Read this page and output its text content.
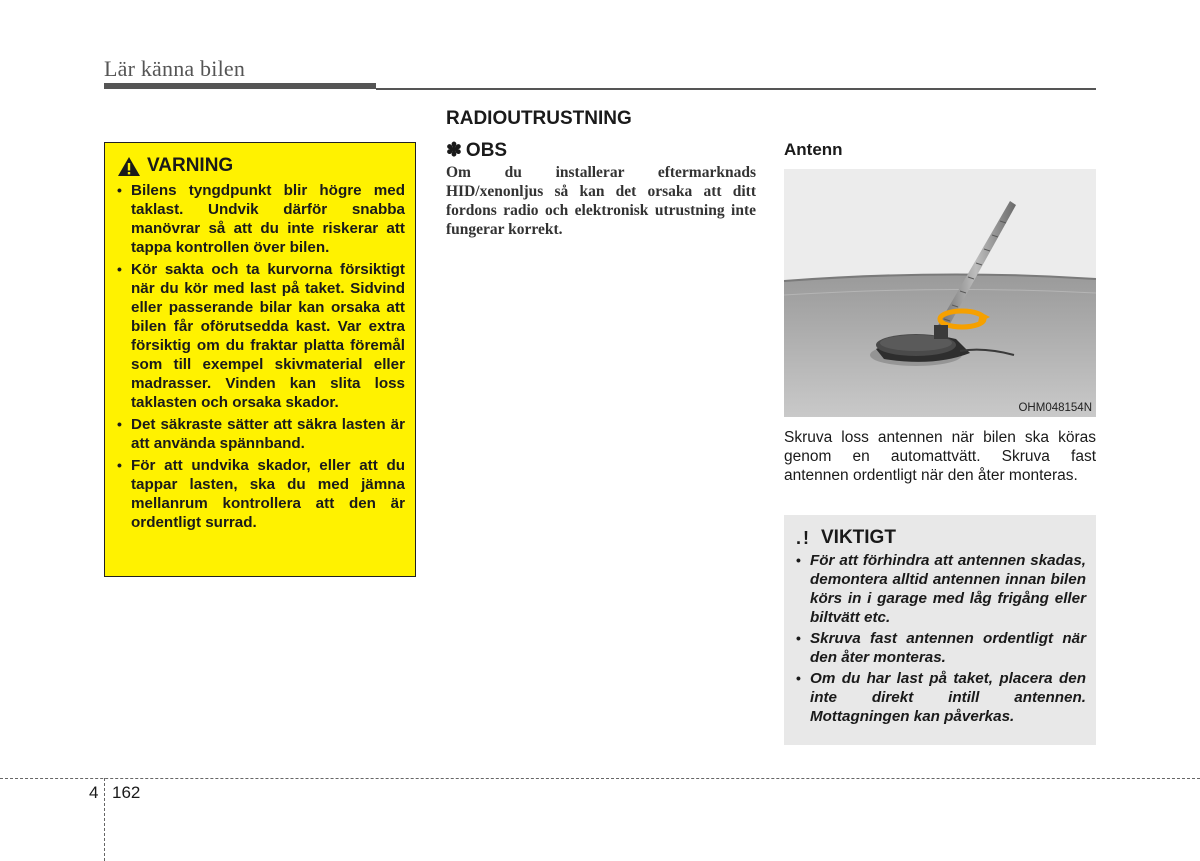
Lär känna bilen
RADIOUTRUSTNING
VARNING
• Bilens tyngdpunkt blir högre med taklast. Undvik därför snabba manövrar så att du inte riskerar att tappa kontrollen över bilen.
• Kör sakta och ta kurvorna försiktigt när du kör med last på taket. Sidvind eller passerande bilar kan orsaka att bilen får oförutsedda kast. Var extra försiktig om du fraktar platta föremål som till exempel skivmaterial eller madrasser. Vinden kan slita loss taklasten och orsaka skador.
• Det säkraste sätter att säkra lasten är att använda spännband.
• För att undvika skador, eller att du tappar lasten, ska du med jämna mellanrum kontrollera att den är ordentligt surrad.
✽ OBS
Om du installerar eftermarknads HID/xenonljus så kan det orsaka att ditt fordons radio och elektronisk utrustning inte fungerar korrekt.
Antenn
OHM048154N
Skruva loss antennen när bilen ska köras genom en automattvätt. Skruva fast antennen ordentligt när den åter monteras.
.! VIKTIGT
• För att förhindra att antennen skadas, demontera alltid antennen innan bilen körs in i garage med låg frigång eller biltvätt etc.
• Skruva fast antennen ordentligt när den åter monteras.
• Om du har last på taket, placera den inte direkt intill antennen. Mottagningen kan påverkas.
4 162
